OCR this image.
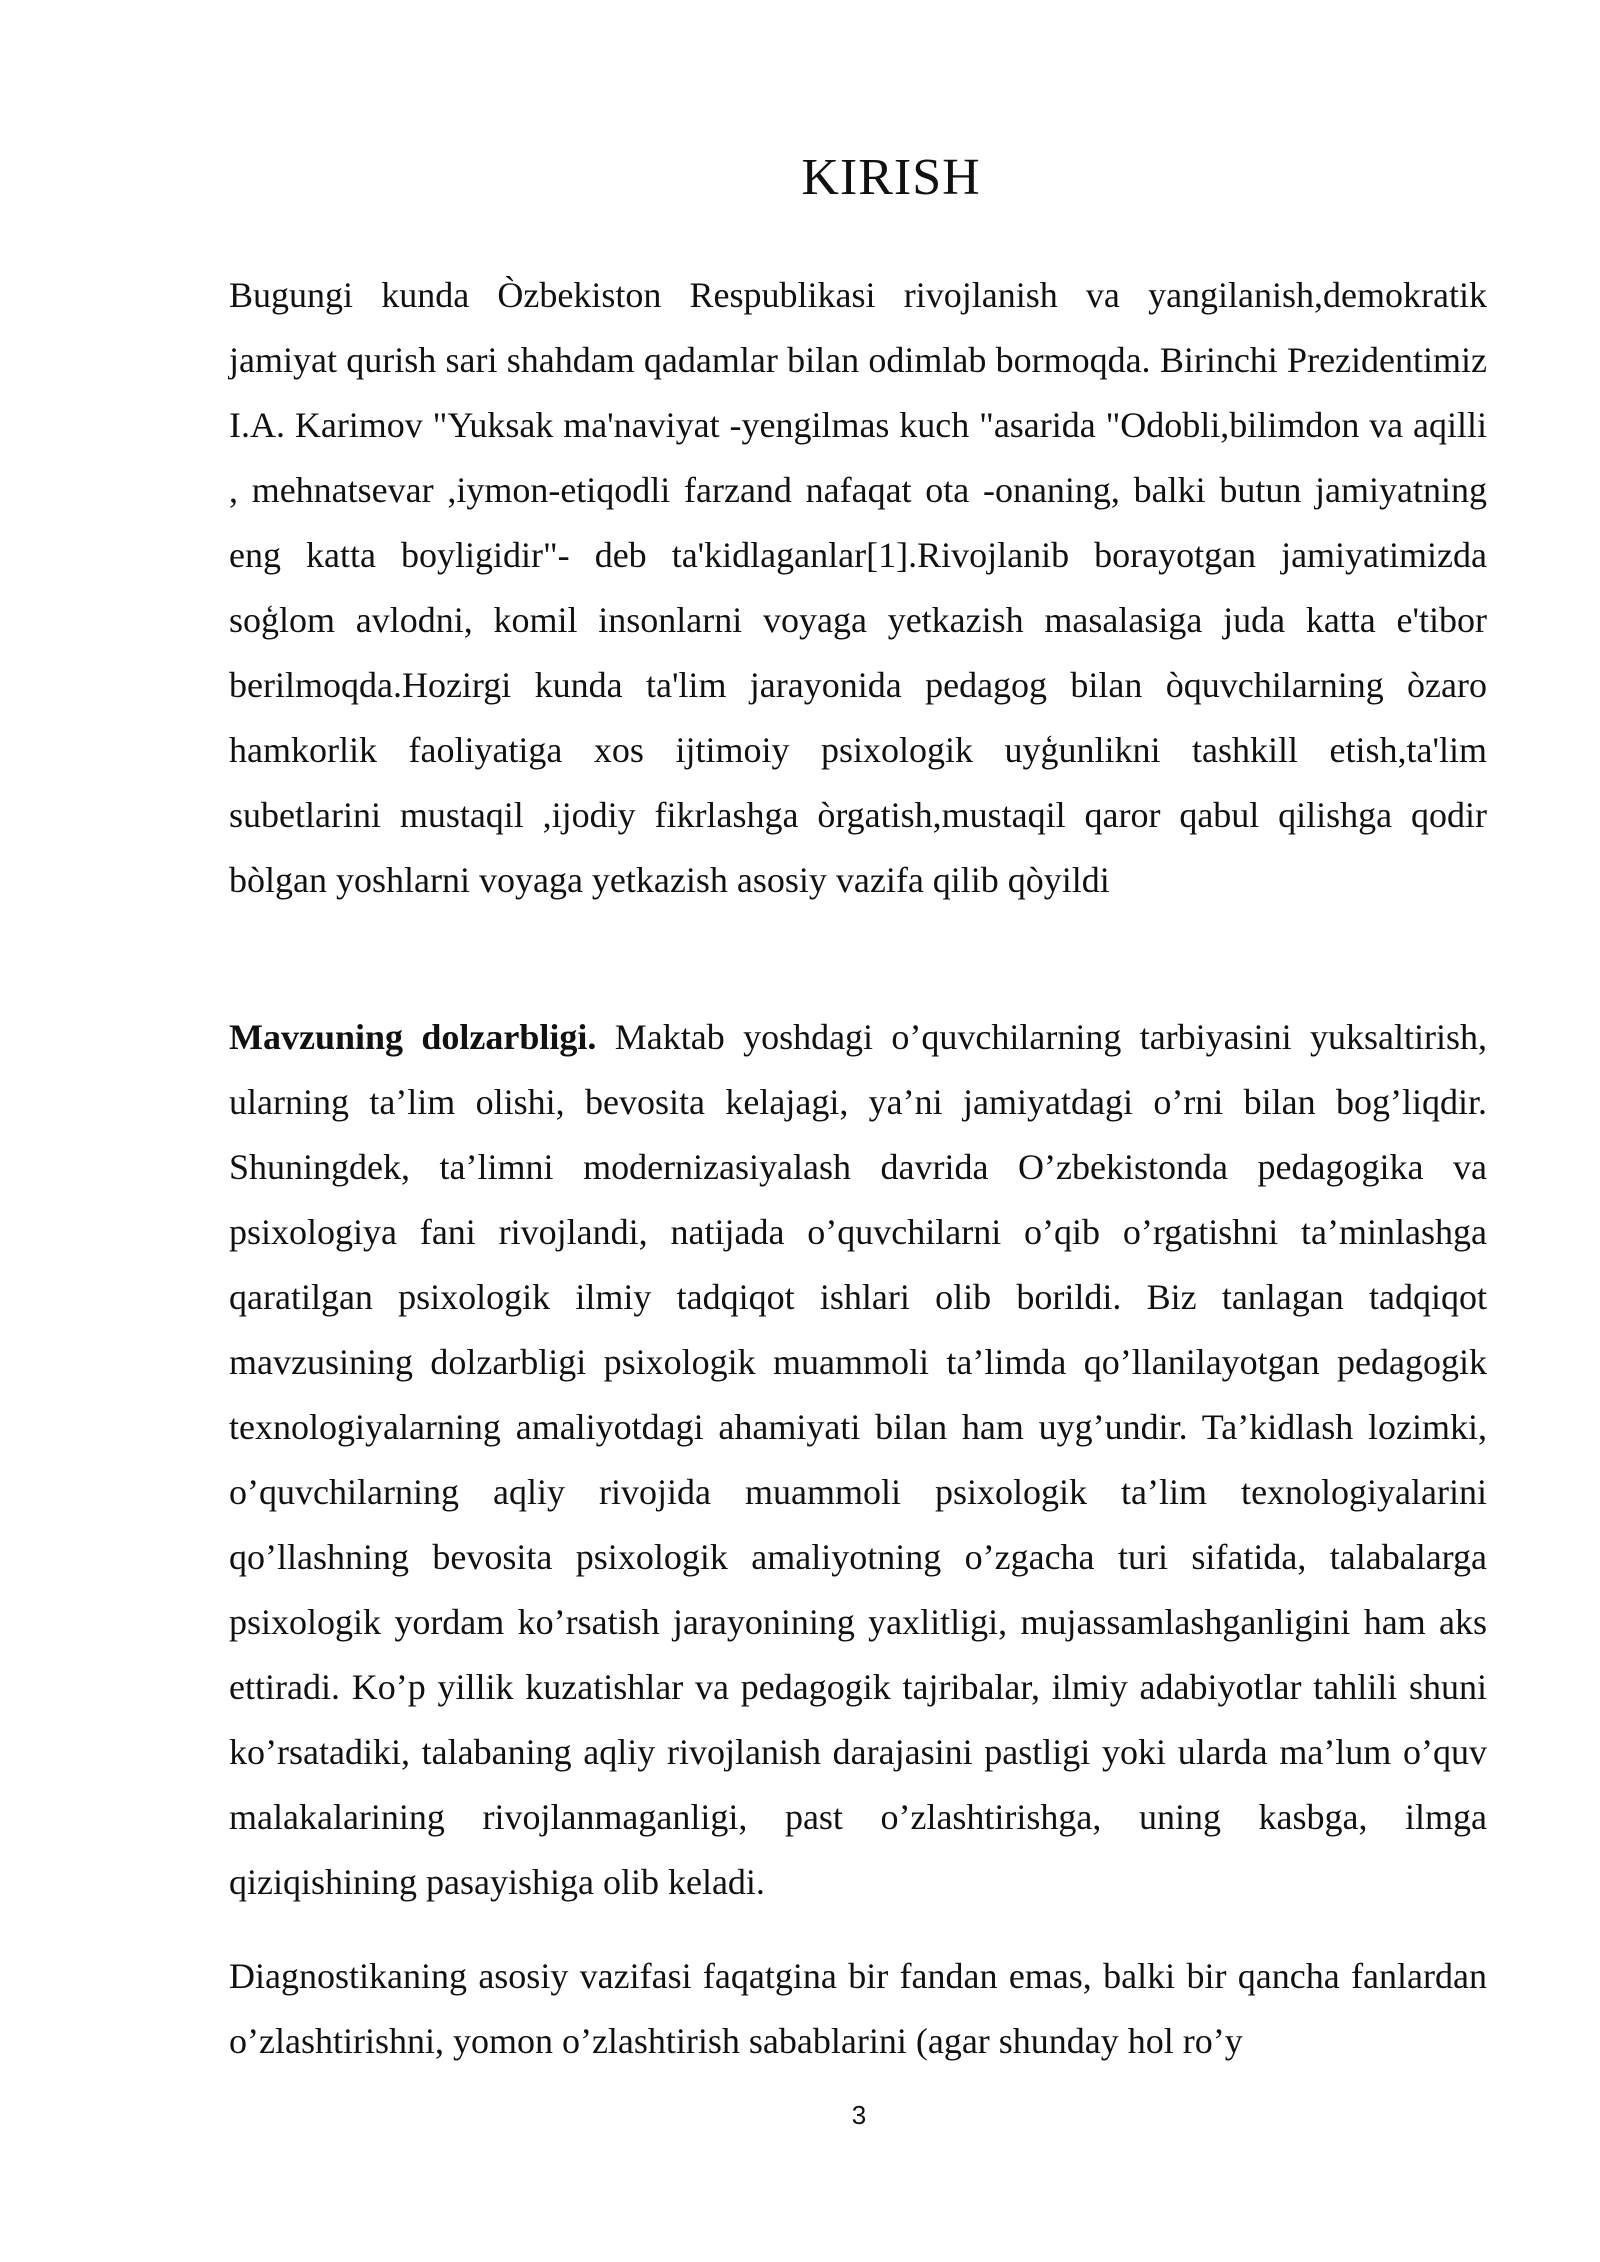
KIRISH

Bugungi kunda Òzbekiston Respublikasi rivojlanish va yangilanish,demokratik jamiyat qurish sari shahdam qadamlar bilan odimlab bormoqda. Birinchi Prezidentimiz I.A. Karimov "Yuksak ma'naviyat -yengilmas kuch "asarida "Odobli,bilimdon va aqilli , mehnatsevar ,iymon-etiqodli farzand nafaqat ota -onaning, balki butun jamiyatning eng katta boyligidir"- deb ta'kidlaganlar[1].Rivojlanib borayotgan jamiyatimizda soģlom avlodni, komil insonlarni voyaga yetkazish masalasiga juda katta e'tibor berilmoqda.Hozirgi kunda ta'lim jarayonida pedagog bilan òquvchilarning òzaro hamkorlik faoliyatiga xos ijtimoiy psixologik uyģunlikni tashkill etish,ta'lim subetlarini mustaqil ,ijodiy fikrlashga òrgatish,mustaqil qaror qabul qilishga qodir bòlgan yoshlarni voyaga yetkazish asosiy vazifa qilib qòyildi

Mavzuning dolzarbligi. Maktab yoshdagi o’quvchilarning tarbiyasini yuksaltirish, ularning ta’lim olishi, bevosita kelajagi, ya’ni jamiyatdagi o’rni bilan bog’liqdir. Shuningdek, ta’limni modernizasiyalash davrida O’zbekistonda pedagogika va psixologiya fani rivojlandi, natijada o’quvchilarni o’qib o’rgatishni ta’minlashga qaratilgan psixologik ilmiy tadqiqot ishlari olib borildi. Biz tanlagan tadqiqot mavzusining dolzarbligi psixologik muammoli ta’limda qo’llanilayotgan pedagogik texnologiyalarning amaliyotdagi ahamiyati bilan ham uyg’undir. Ta’kidlash lozimki, o’quvchilarning aqliy rivojida muammoli psixologik ta’lim texnologiyalarini qo’llashning bevosita psixologik amaliyotning o’zgacha turi sifatida, talabalarga psixologik yordam ko’rsatish jarayonining yaxlitligi, mujassamlashganligini ham aks ettiradi. Ko’p yillik kuzatishlar va pedagogik tajribalar, ilmiy adabiyotlar tahlili shuni ko’rsatadiki, talabaning aqliy rivojlanish darajasini pastligi yoki ularda ma’lum o’quv malakalarining rivojlanmaganligi, past o’zlashtirishga, uning kasbga, ilmga qiziqishining pasayishiga olib keladi.

Diagnostikaning asosiy vazifasi faqatgina bir fandan emas, balki bir qancha fanlardan o’zlashtirishni, yomon o’zlashtirish sabablarini (agar shunday hol ro’y

3
